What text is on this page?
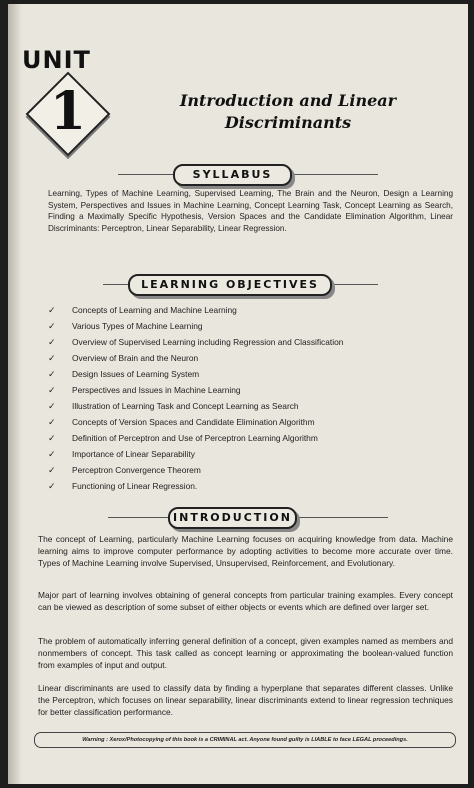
UNIT
1	Introduction and Linear
Discriminants
SYLLABUS

Learning, Types of Machine Learning, Supervised Learning, The Brain and the Neuron, Design a Learning System, Perspectives and Issues in Machine Learning, Concept Learning Task, Concept Learning as Search, Finding a Maximally Specific Hypothesis, Version Spaces and the Candidate Elimination Algorithm, Linear Discriminants: Perceptron, Linear Separability, Linear Regression.

LEARNING OBJECTIVES
✓	Concepts of Learning and Machine Learning
✓	Various Types of Machine Learning
✓	Overview of Supervised Learning including Regression and Classification
✓	Overview of Brain and the Neuron
✓	Design Issues of Learning System
✓	Perspectives and Issues in Machine Learning
✓	Illustration of Learning Task and Concept Learning as Search
✓	Concepts of Version Spaces and Candidate Elimination Algorithm
✓	Definition of Perceptron and Use of Perceptron Learning Algorithm
✓	Importance of Linear Separability
✓	Perceptron Convergence Theorem
✓	Functioning of Linear Regression.
INTRODUCTION

The concept of Learning, particularly Machine Learning focuses on acquiring knowledge from data. Machine learning aims to improve computer performance by adopting activities to become more accurate over time. Types of Machine Learning involve Supervised, Unsupervised, Reinforcement, and Evolutionary.

Major part of learning involves obtaining of general concepts from particular training examples. Every concept can be viewed as description of some subset of either objects or events which are defined over larger set.

The problem of automatically inferring general definition of a concept, given examples named as members and nonmembers of concept. This task called as concept learning or approximating the boolean-valued function from examples of input and output.

Linear discriminants are used to classify data by finding a hyperplane that separates different classes. Unlike the Perceptron, which focuses on linear separability, linear discriminants extend to linear regression techniques for better classification performance.

Warning : Xerox/Photocopying of this book is a CRIMINAL act. Anyone found guilty is LIABLE to face LEGAL proceedings.
